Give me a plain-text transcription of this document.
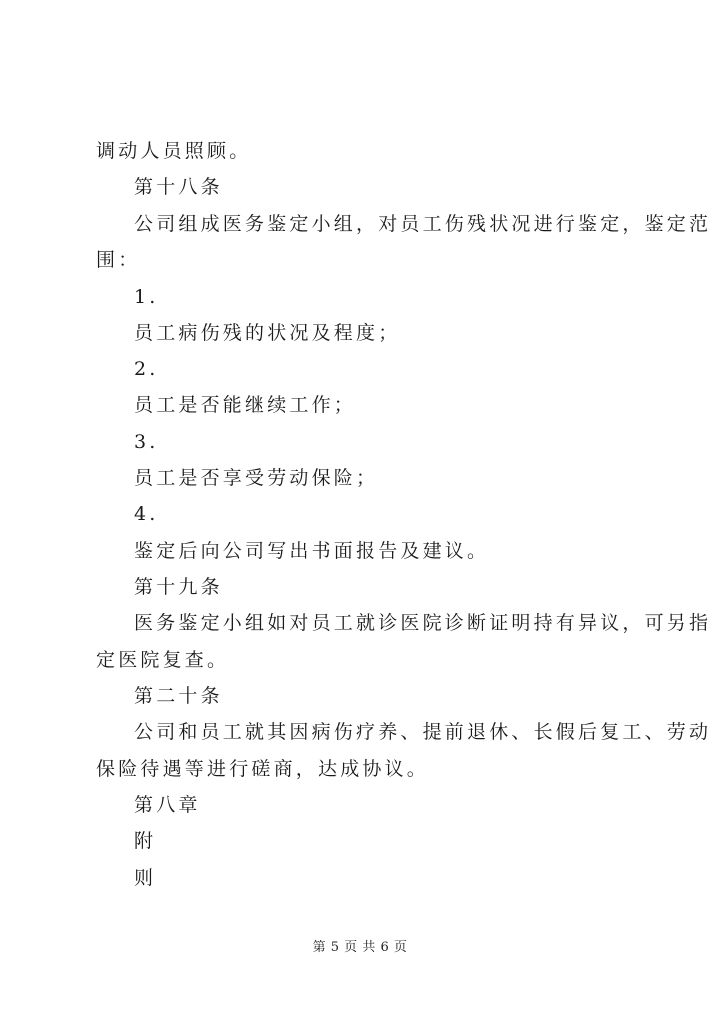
调动人员照顾。
第十八条
公司组成医务鉴定小组，对员工伤残状况进行鉴定，鉴定范
围：
1.
员工病伤残的状况及程度；
2.
员工是否能继续工作；
3.
员工是否享受劳动保险；
4.
鉴定后向公司写出书面报告及建议。
第十九条
医务鉴定小组如对员工就诊医院诊断证明持有异议，可另指
定医院复查。
第二十条
公司和员工就其因病伤疗养、提前退休、长假后复工、劳动
保险待遇等进行磋商，达成协议。
第八章
附
则
第 5 页 共 6 页
